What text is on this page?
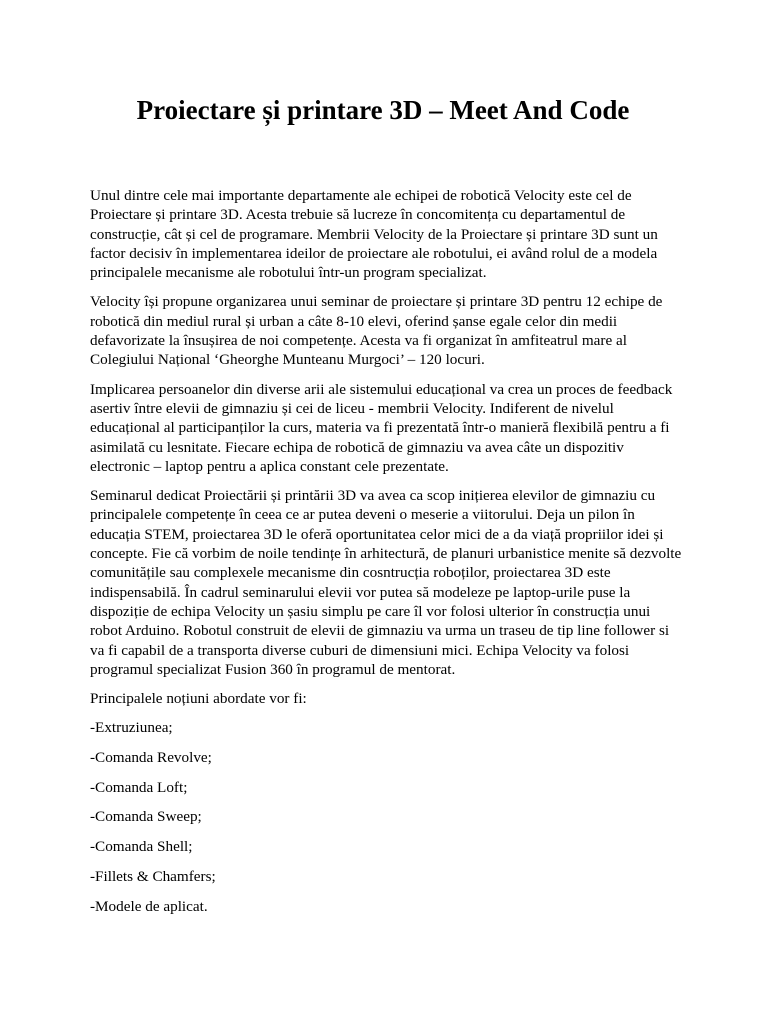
Proiectare și printare 3D – Meet And Code

Unul dintre cele mai importante departamente ale echipei de robotică Velocity este cel de Proiectare și printare 3D. Acesta trebuie să lucreze în concomitența cu departamentul de construcție, cât și cel de programare. Membrii Velocity de la Proiectare și printare 3D sunt un factor decisiv în implementarea ideilor de proiectare ale robotului, ei având rolul de a modela principalele mecanisme ale robotului într-un program specializat.

Velocity își propune organizarea unui seminar de proiectare și printare 3D pentru 12 echipe de robotică din mediul rural și urban a câte 8-10 elevi, oferind șanse egale celor din medii defavorizate la însușirea de noi competențe. Acesta va fi organizat în amfiteatrul mare al Colegiului Național ‘Gheorghe Munteanu Murgoci’ – 120 locuri.

Implicarea persoanelor din diverse arii ale sistemului educațional va crea un proces de feedback asertiv între elevii de gimnaziu și cei de liceu - membrii Velocity. Indiferent de nivelul educațional al participanților la curs, materia va fi prezentată într-o manieră flexibilă pentru a fi asimilată cu lesnitate. Fiecare echipa de robotică de gimnaziu va avea câte un dispozitiv electronic – laptop pentru a aplica constant cele prezentate.

Seminarul dedicat Proiectării și printării 3D va avea ca scop inițierea elevilor de gimnaziu cu principalele competențe în ceea ce ar putea deveni o meserie a viitorului. Deja un pilon în educația STEM, proiectarea 3D le oferă oportunitatea celor mici de a da viață propriilor idei și concepte. Fie că vorbim de noile tendințe în arhitectură, de planuri urbanistice menite să dezvolte comunitățile sau complexele mecanisme din cosntrucția roboților, proiectarea 3D este indispensabilă. În cadrul seminarului elevii vor putea să modeleze pe laptop-urile puse la dispoziție de echipa Velocity un șasiu simplu pe care îl vor folosi ulterior în construcția unui robot Arduino. Robotul construit de elevii de gimnaziu va urma un traseu de tip line follower si va fi capabil de a transporta diverse cuburi de dimensiuni mici. Echipa Velocity va folosi programul specializat Fusion 360 în programul de mentorat.

Principalele noțiuni abordate vor fi:

-Extruziunea;

-Comanda Revolve;

-Comanda Loft;

-Comanda Sweep;

-Comanda Shell;

-Fillets & Chamfers;

-Modele de aplicat.
